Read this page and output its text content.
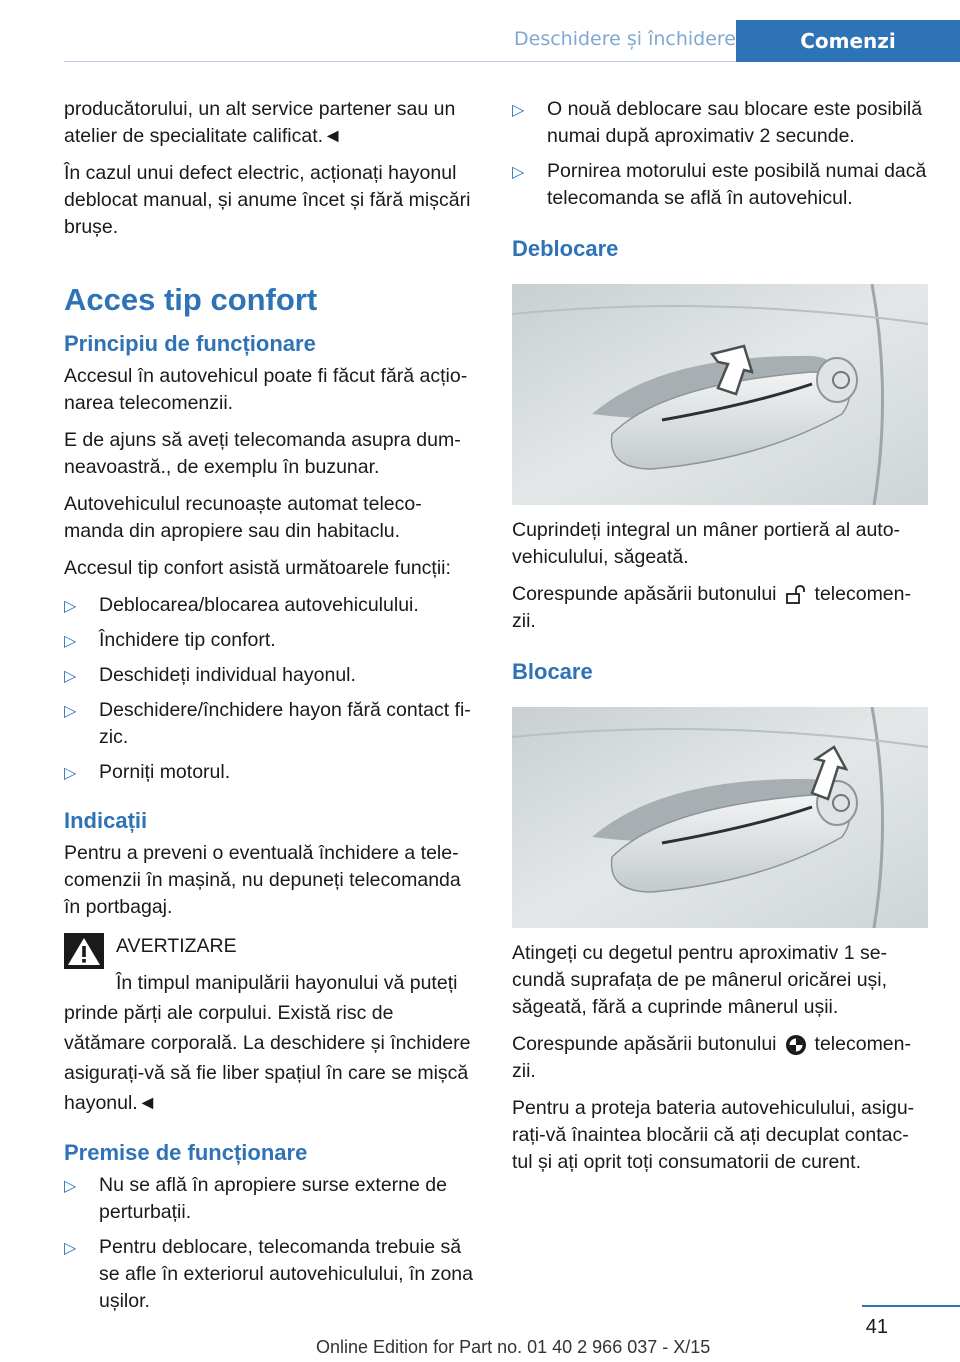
Deschidere și închidere	Comenzi

producătorului, un alt service partener sau un atelier de specialitate calificat.◄

În cazul unui defect electric, acționați hayonul deblocat manual, și anume încet și fără mișcări brușe.

Acces tip confort
Principiu de funcționare

Accesul în autovehicul poate fi făcut fără acțio‐narea telecomenzii.

E de ajuns să aveți telecomanda asupra dum‐neavoastră., de exemplu în buzunar.

Autovehiculul recunoaște automat teleco‐manda din apropiere sau din habitaclu.

Accesul tip confort asistă următoarele funcții:

▷ Deblocarea/blocarea autovehiculului.
▷ Închidere tip confort.
▷ Deschideți individual hayonul.
▷ Deschidere/închidere hayon fără contact fi‐zic.
▷ Porniți motorul.
Indicații

Pentru a preveni o eventuală închidere a tele‐comenzii în mașină, nu depuneți telecomanda în portbagaj.

AVERTIZARE

În timpul manipulării hayonului vă puteți prinde părți ale corpului. Există risc de vătămare corporală. La deschidere și închidere asigurați-vă să fie liber spațiul în care se mișcă hayonul.◄

Premise de funcționare
▷ Nu se află în apropiere surse externe de perturbații.
▷ Pentru deblocare, telecomanda trebuie să se afle în exteriorul autovehiculului, în zona ușilor.
▷ O nouă deblocare sau blocare este posibilă numai după aproximativ 2 secunde.
▷ Pornirea motorului este posibilă numai dacă telecomanda se află în autovehicul.
Deblocare

Cuprindeți integral un mâner portieră al auto‐vehiculului, săgeată.

Corespunde apăsării butonului telecomen‐zii.

Blocare

Atingeți cu degetul pentru aproximativ 1 se‐cundă suprafața de pe mânerul oricărei uși, săgeată, fără a cuprinde mânerul ușii.

Corespunde apăsării butonului telecomen‐zii.

Pentru a proteja bateria autovehiculului, asigu‐rați-vă înaintea blocării că ați decuplat contac‐tul și ați oprit toți consumatorii de curent.

41
Online Edition for Part no. 01 40 2 966 037 - X/15
